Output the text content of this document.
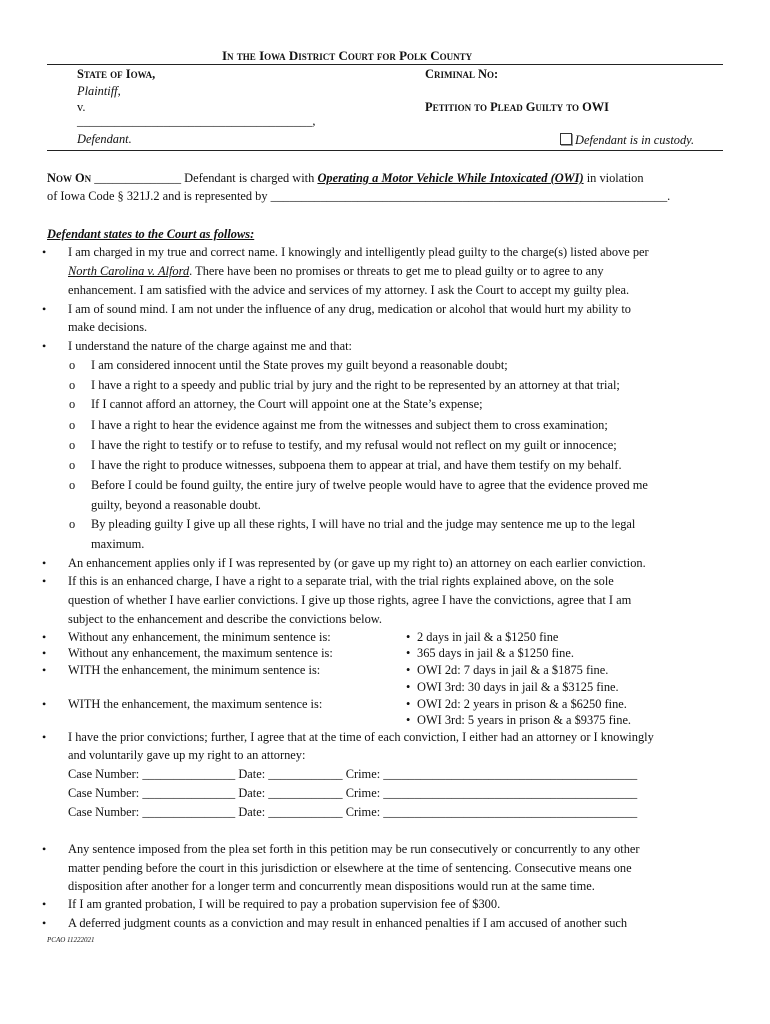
In the Iowa District Court for Polk County
State of Iowa,
Plaintiff,
v.
______________________________________,
Defendant.
Criminal No:
Petition to Plead Guilty to OWI
Defendant is in custody.
Now On ______________ Defendant is charged with Operating a Motor Vehicle While Intoxicated (OWI) in violation
of Iowa Code § 321J.2 and is represented by ________________________________________________________________.
Defendant states to the Court as follows:
• I am charged in my true and correct name. I knowingly and intelligently plead guilty to the charge(s) listed above per
North Carolina v. Alford. There have been no promises or threats to get me to plead guilty or to agree to any
enhancement. I am satisfied with the advice and services of my attorney. I ask the Court to accept my guilty plea.
• I am of sound mind. I am not under the influence of any drug, medication or alcohol that would hurt my ability to
make decisions.
• I understand the nature of the charge against me and that:
o I am considered innocent until the State proves my guilt beyond a reasonable doubt;
o I have a right to a speedy and public trial by jury and the right to be represented by an attorney at that trial;
o If I cannot afford an attorney, the Court will appoint one at the State’s expense;
o I have a right to hear the evidence against me from the witnesses and subject them to cross examination;
o I have the right to testify or to refuse to testify, and my refusal would not reflect on my guilt or innocence;
o I have the right to produce witnesses, subpoena them to appear at trial, and have them testify on my behalf.
o Before I could be found guilty, the entire jury of twelve people would have to agree that the evidence proved me
guilty, beyond a reasonable doubt.
o By pleading guilty I give up all these rights, I will have no trial and the judge may sentence me up to the legal
maximum.
• An enhancement applies only if I was represented by (or gave up my right to) an attorney on each earlier conviction.
• If this is an enhanced charge, I have a right to a separate trial, with the trial rights explained above, on the sole
question of whether I have earlier convictions. I give up those rights, agree I have the convictions, agree that I am
subject to the enhancement and describe the convictions below.
• Without any enhancement, the minimum sentence is:
• Without any enhancement, the maximum sentence is:
• WITH the enhancement, the minimum sentence is:
• WITH the enhancement, the maximum sentence is:
• 2 days in jail & a $1250 fine
• 365 days in jail & a $1250 fine.
• OWI 2d: 7 days in jail & a $1875 fine.
• OWI 3rd: 30 days in jail & a $3125 fine.
• OWI 2d: 2 years in prison & a $6250 fine.
• OWI 3rd: 5 years in prison & a $9375 fine.
• I have the prior convictions; further, I agree that at the time of each conviction, I either had an attorney or I knowingly
and voluntarily gave up my right to an attorney:
Case Number: _______________ Date: ____________ Crime: _________________________________________
Case Number: _______________ Date: ____________ Crime: _________________________________________
Case Number: _______________ Date: ____________ Crime: _________________________________________
• Any sentence imposed from the plea set forth in this petition may be run consecutively or concurrently to any other
matter pending before the court in this jurisdiction or elsewhere at the time of sentencing. Consecutive means one
disposition after another for a longer term and concurrently mean dispositions would run at the same time.
• If I am granted probation, I will be required to pay a probation supervision fee of $300.
• A deferred judgment counts as a conviction and may result in enhanced penalties if I am accused of another such
PCAO 11222021
